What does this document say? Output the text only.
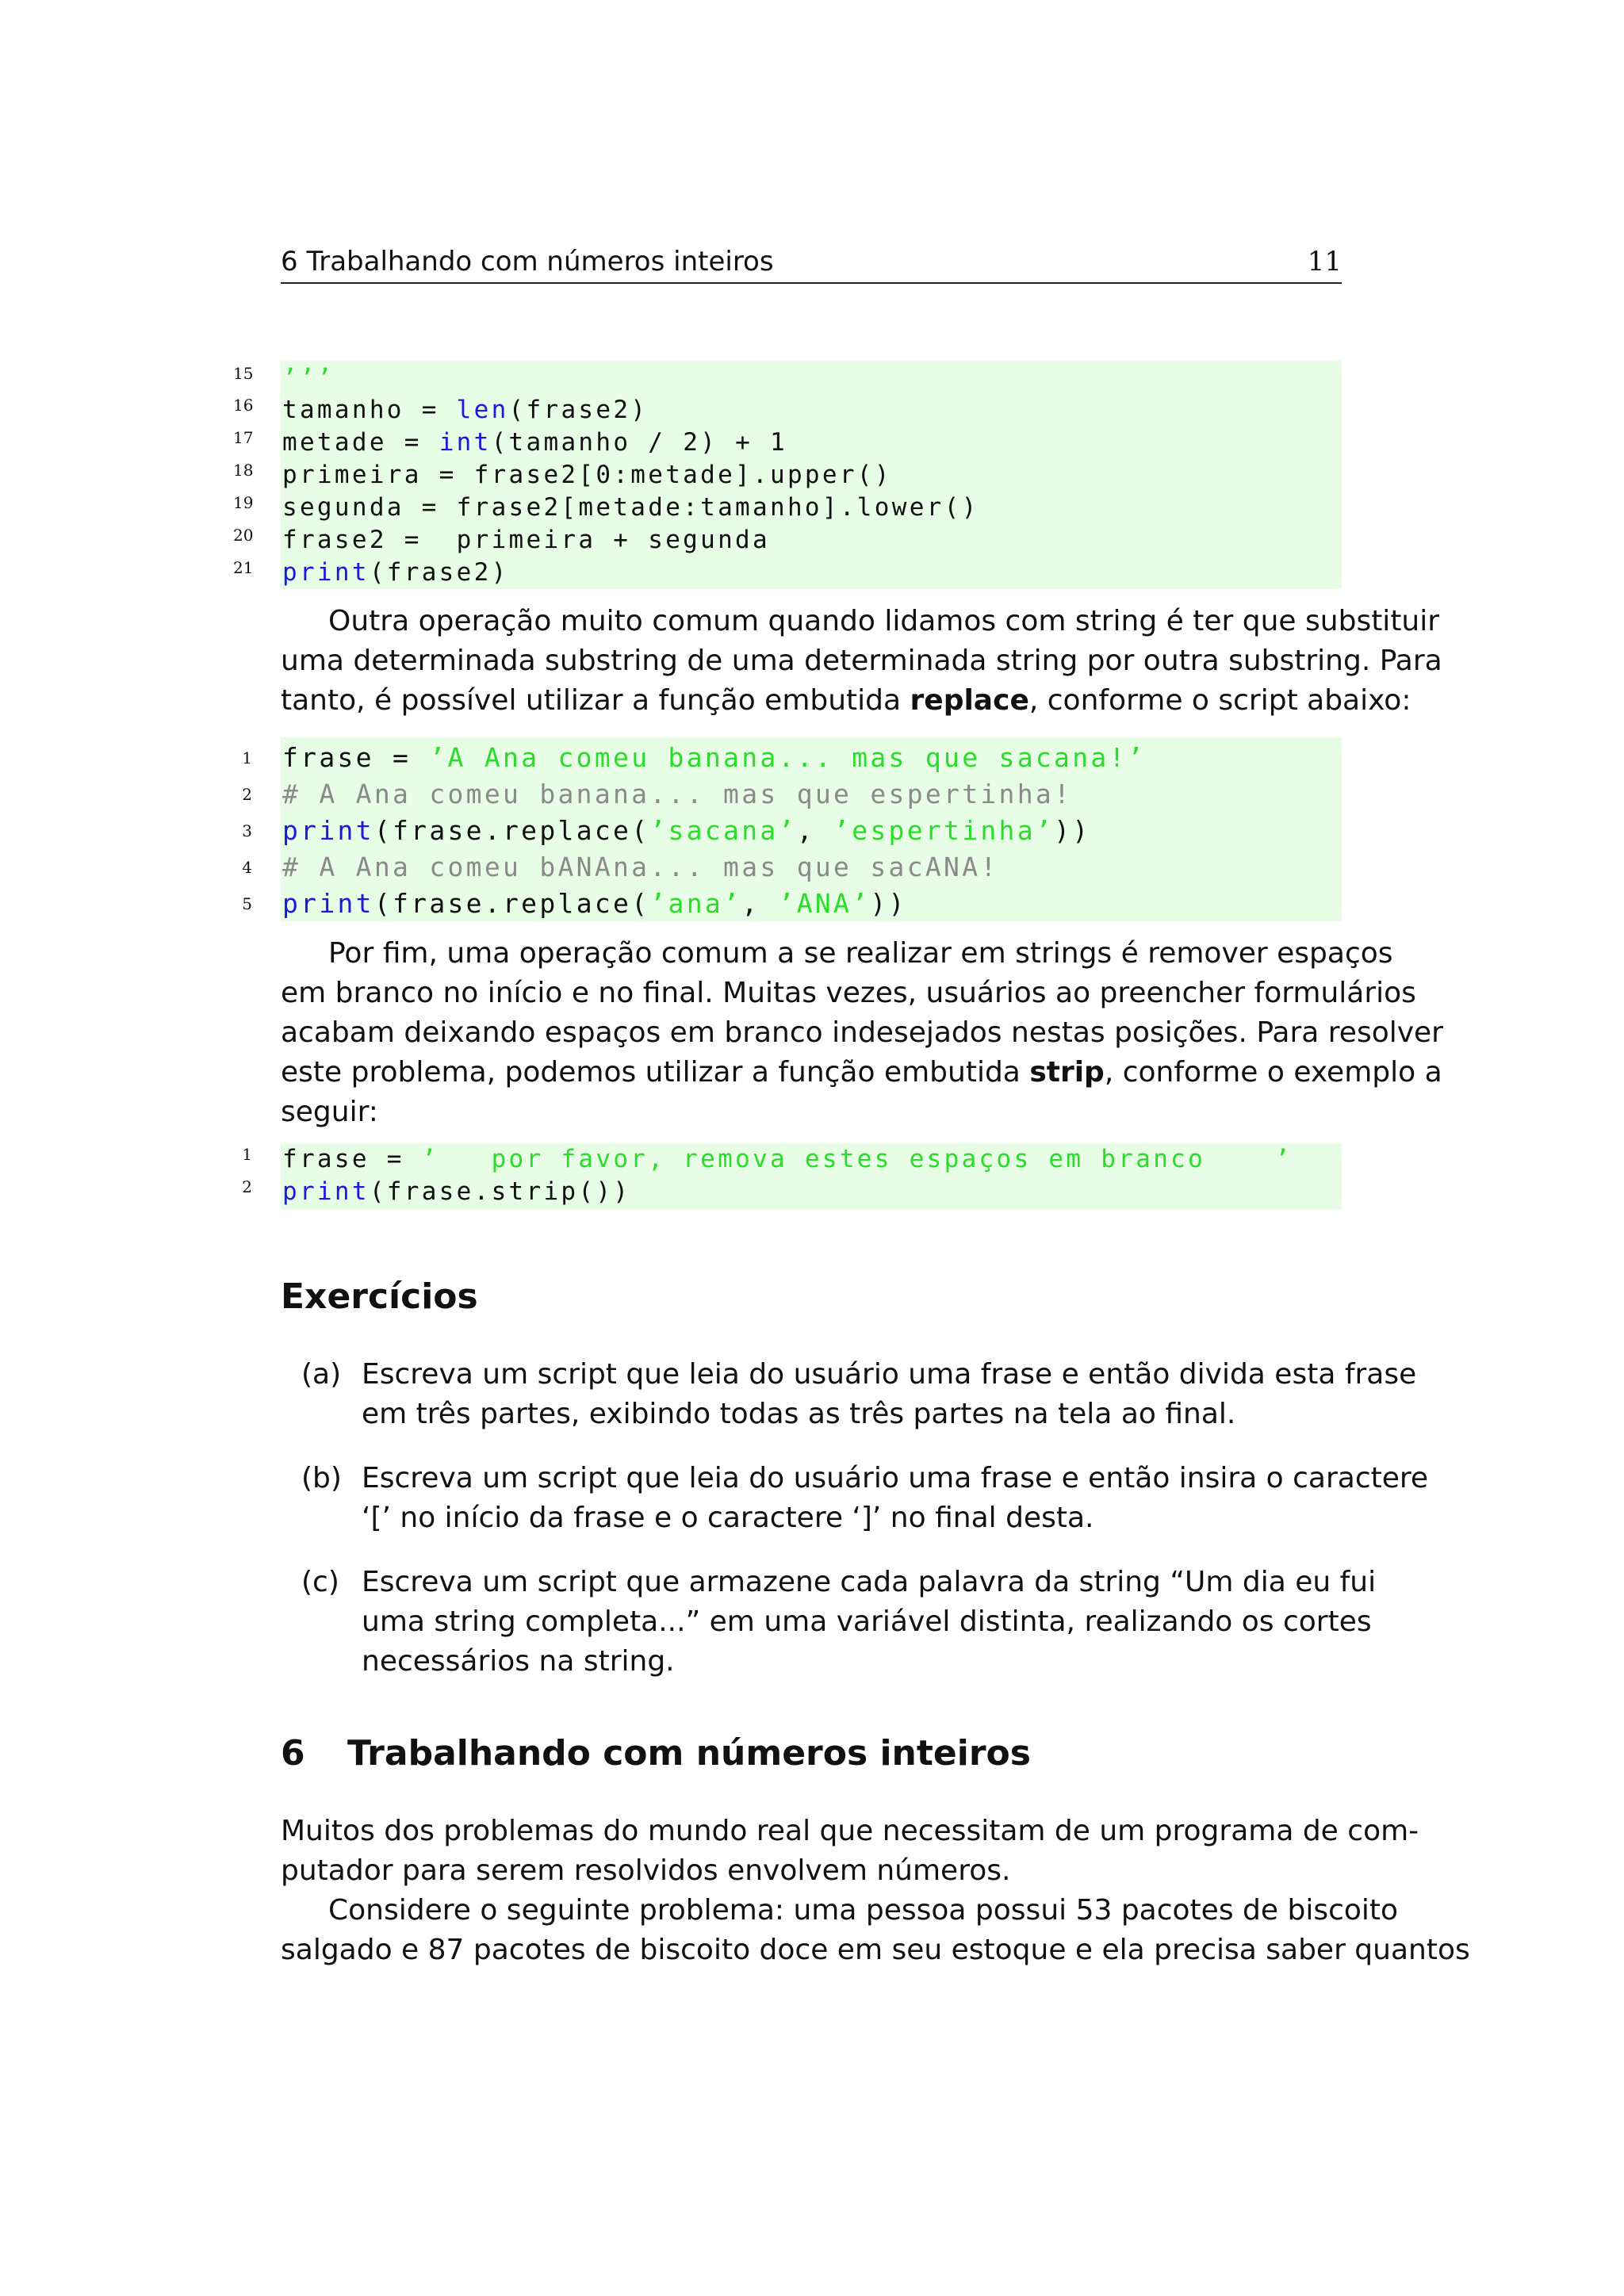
6 Trabalhando com números inteiros	11
15 ’’’
16 tamanho = len(frase2)
17 metade = int(tamanho / 2) + 1
18 primeira = frase2[0:metade].upper()
19 segunda = frase2[metade:tamanho].lower()
20 frase2 =  primeira + segunda
21 print(frase2)
Outra operação muito comum quando lidamos com string é ter que substituir
uma determinada substring de uma determinada string por outra substring. Para
tanto, é possível utilizar a função embutida replace, conforme o script abaixo:
1 frase = ’A Ana comeu banana... mas que sacana!’
2 # A Ana comeu banana... mas que espertinha!
3 print(frase.replace(’sacana’, ’espertinha’))
4 # A Ana comeu bANAna... mas que sacANA!
5 print(frase.replace(’ana’, ’ANA’))
Por fim, uma operação comum a se realizar em strings é remover espaços
em branco no início e no final. Muitas vezes, usuários ao preencher formulários
acabam deixando espaços em branco indesejados nestas posições. Para resolver
este problema, podemos utilizar a função embutida strip, conforme o exemplo a
seguir:
1 frase = ’   por favor, remova estes espaços em branco    ’
2 print(frase.strip())
Exercícios
(a) Escreva um script que leia do usuário uma frase e então divida esta frase
em três partes, exibindo todas as três partes na tela ao final.
(b) Escreva um script que leia do usuário uma frase e então insira o caractere
‘[’ no início da frase e o caractere ‘]’ no final desta.
(c) Escreva um script que armazene cada palavra da string “Um dia eu fui
uma string completa...” em uma variável distinta, realizando os cortes
necessários na string.
6 Trabalhando com números inteiros
Muitos dos problemas do mundo real que necessitam de um programa de com-
putador para serem resolvidos envolvem números.
Considere o seguinte problema: uma pessoa possui 53 pacotes de biscoito
salgado e 87 pacotes de biscoito doce em seu estoque e ela precisa saber quantos
